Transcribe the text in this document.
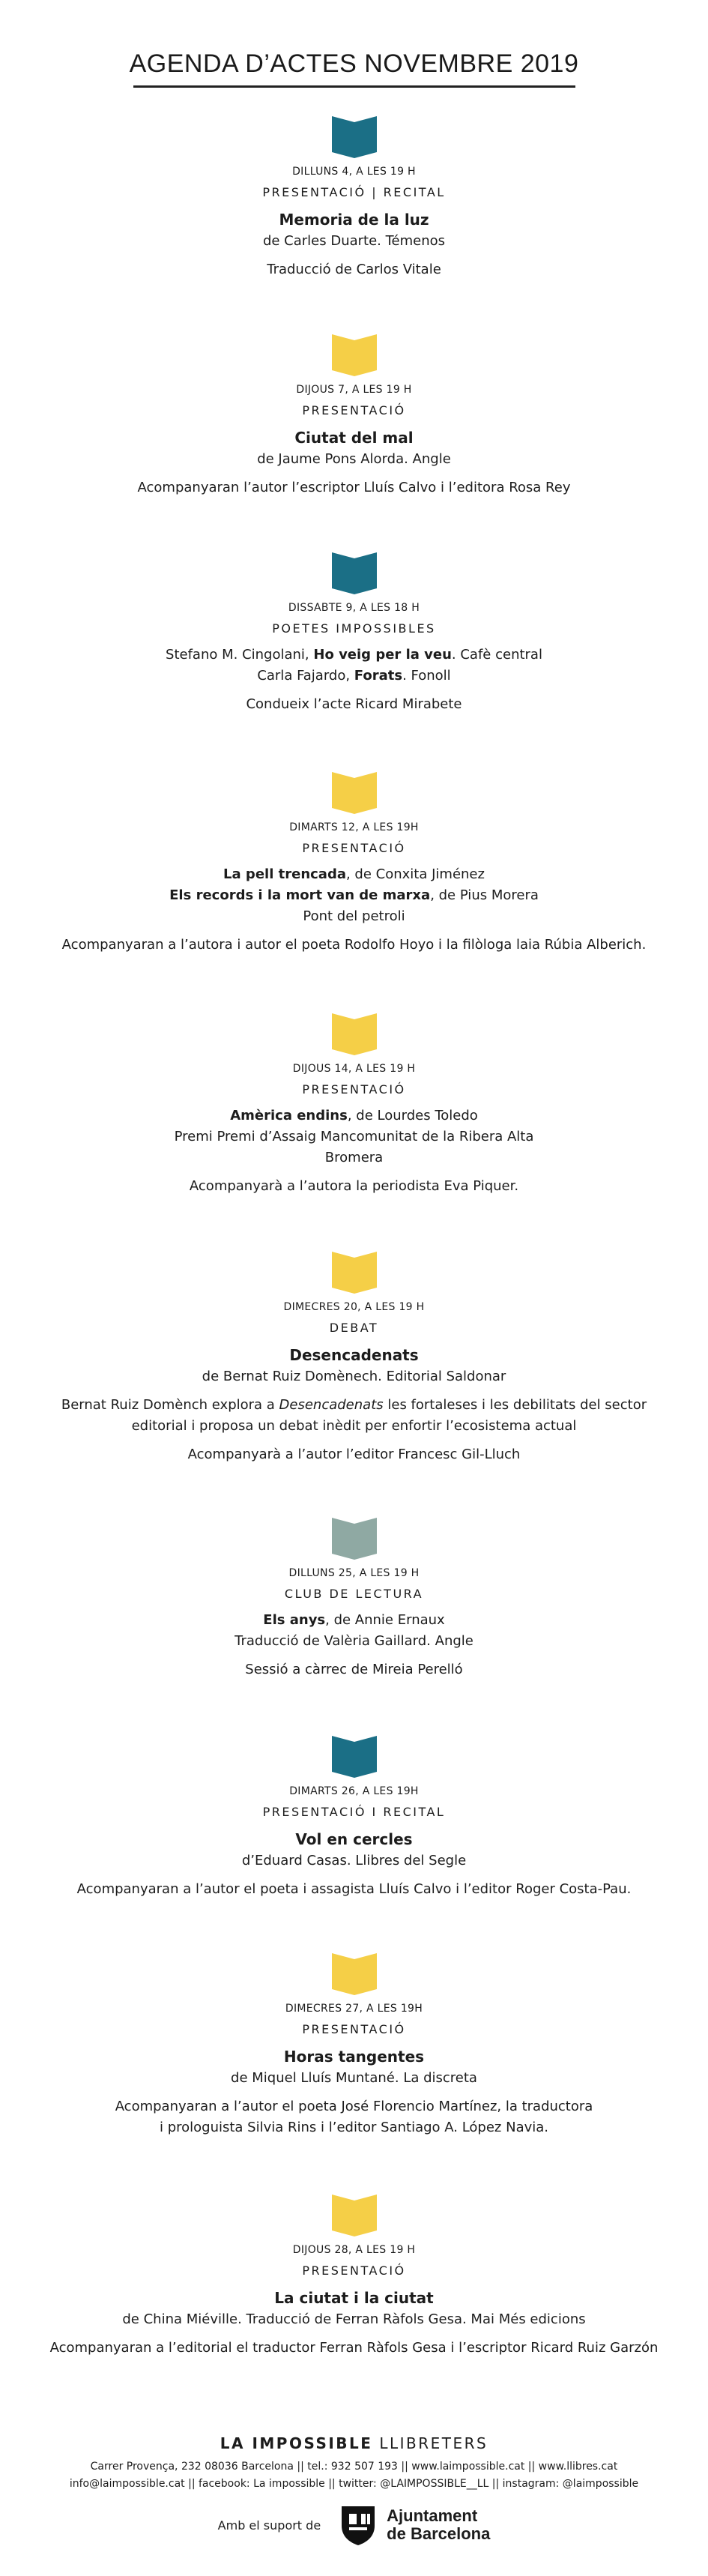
AGENDA D’ACTES NOVEMBRE 2019
DILLUNS 4, A LES 19 H
PRESENTACIÓ | RECITAL
Memoria de la luz
de Carles Duarte. Témenos
Traducció de Carlos Vitale
DIJOUS 7, A LES 19 H
PRESENTACIÓ
Ciutat del mal
de Jaume Pons Alorda. Angle
Acompanyaran l’autor l’escriptor Lluís Calvo i l’editora Rosa Rey
DISSABTE 9, A LES 18 H
POETES IMPOSSIBLES
Stefano M. Cingolani, Ho veig per la veu. Cafè central
Carla Fajardo, Forats. Fonoll
Condueix l’acte Ricard Mirabete
DIMARTS 12, A LES 19H
PRESENTACIÓ
La pell trencada, de Conxita Jiménez
Els records i la mort van de marxa, de Pius Morera
Pont del petroli
Acompanyaran a l’autora i autor el poeta Rodolfo Hoyo i la filòloga laia Rúbia Alberich.
DIJOUS 14, A LES 19 H
PRESENTACIÓ
Amèrica endins, de Lourdes Toledo
Premi Premi d’Assaig Mancomunitat de la Ribera Alta
Bromera
Acompanyarà a l’autora la periodista Eva Piquer.
DIMECRES 20, A LES 19 H
DEBAT
Desencadenats
de Bernat Ruiz Domènech. Editorial Saldonar
Bernat Ruiz Domènch explora a Desencadenats les fortaleses i les debilitats del sector
editorial i proposa un debat inèdit per enfortir l’ecosistema actual
Acompanyarà a l’autor l’editor Francesc Gil-Lluch
DILLUNS 25, A LES 19 H
CLUB DE LECTURA
Els anys, de Annie Ernaux
Traducció de Valèria Gaillard. Angle
Sessió a càrrec de Mireia Perelló
DIMARTS 26, A LES 19H
PRESENTACIÓ I RECITAL
Vol en cercles
d’Eduard Casas. Llibres del Segle
Acompanyaran a l’autor el poeta i assagista Lluís Calvo i l’editor Roger Costa-Pau.
DIMECRES 27, A LES 19H
PRESENTACIÓ
Horas tangentes
de Miquel Lluís Muntané. La discreta
Acompanyaran a l’autor el poeta José Florencio Martínez, la traductora
i prologuista Silvia Rins i l’editor Santiago A. López Navia.
DIJOUS 28, A LES 19 H
PRESENTACIÓ
La ciutat i la ciutat
de China Miéville. Traducció de Ferran Ràfols Gesa. Mai Més edicions
Acompanyaran a l’editorial el traductor Ferran Ràfols Gesa i l’escriptor Ricard Ruiz Garzón
LA IMPOSSIBLE LLIBRETERS
Carrer Provença, 232 08036 Barcelona || tel.: 932 507 193 || www.laimpossible.cat || www.llibres.cat
info@laimpossible.cat || facebook: La impossible || twitter: @LAIMPOSSIBLE__LL || instagram: @laimpossible
Amb el suport de	Ajuntament
de Barcelona
